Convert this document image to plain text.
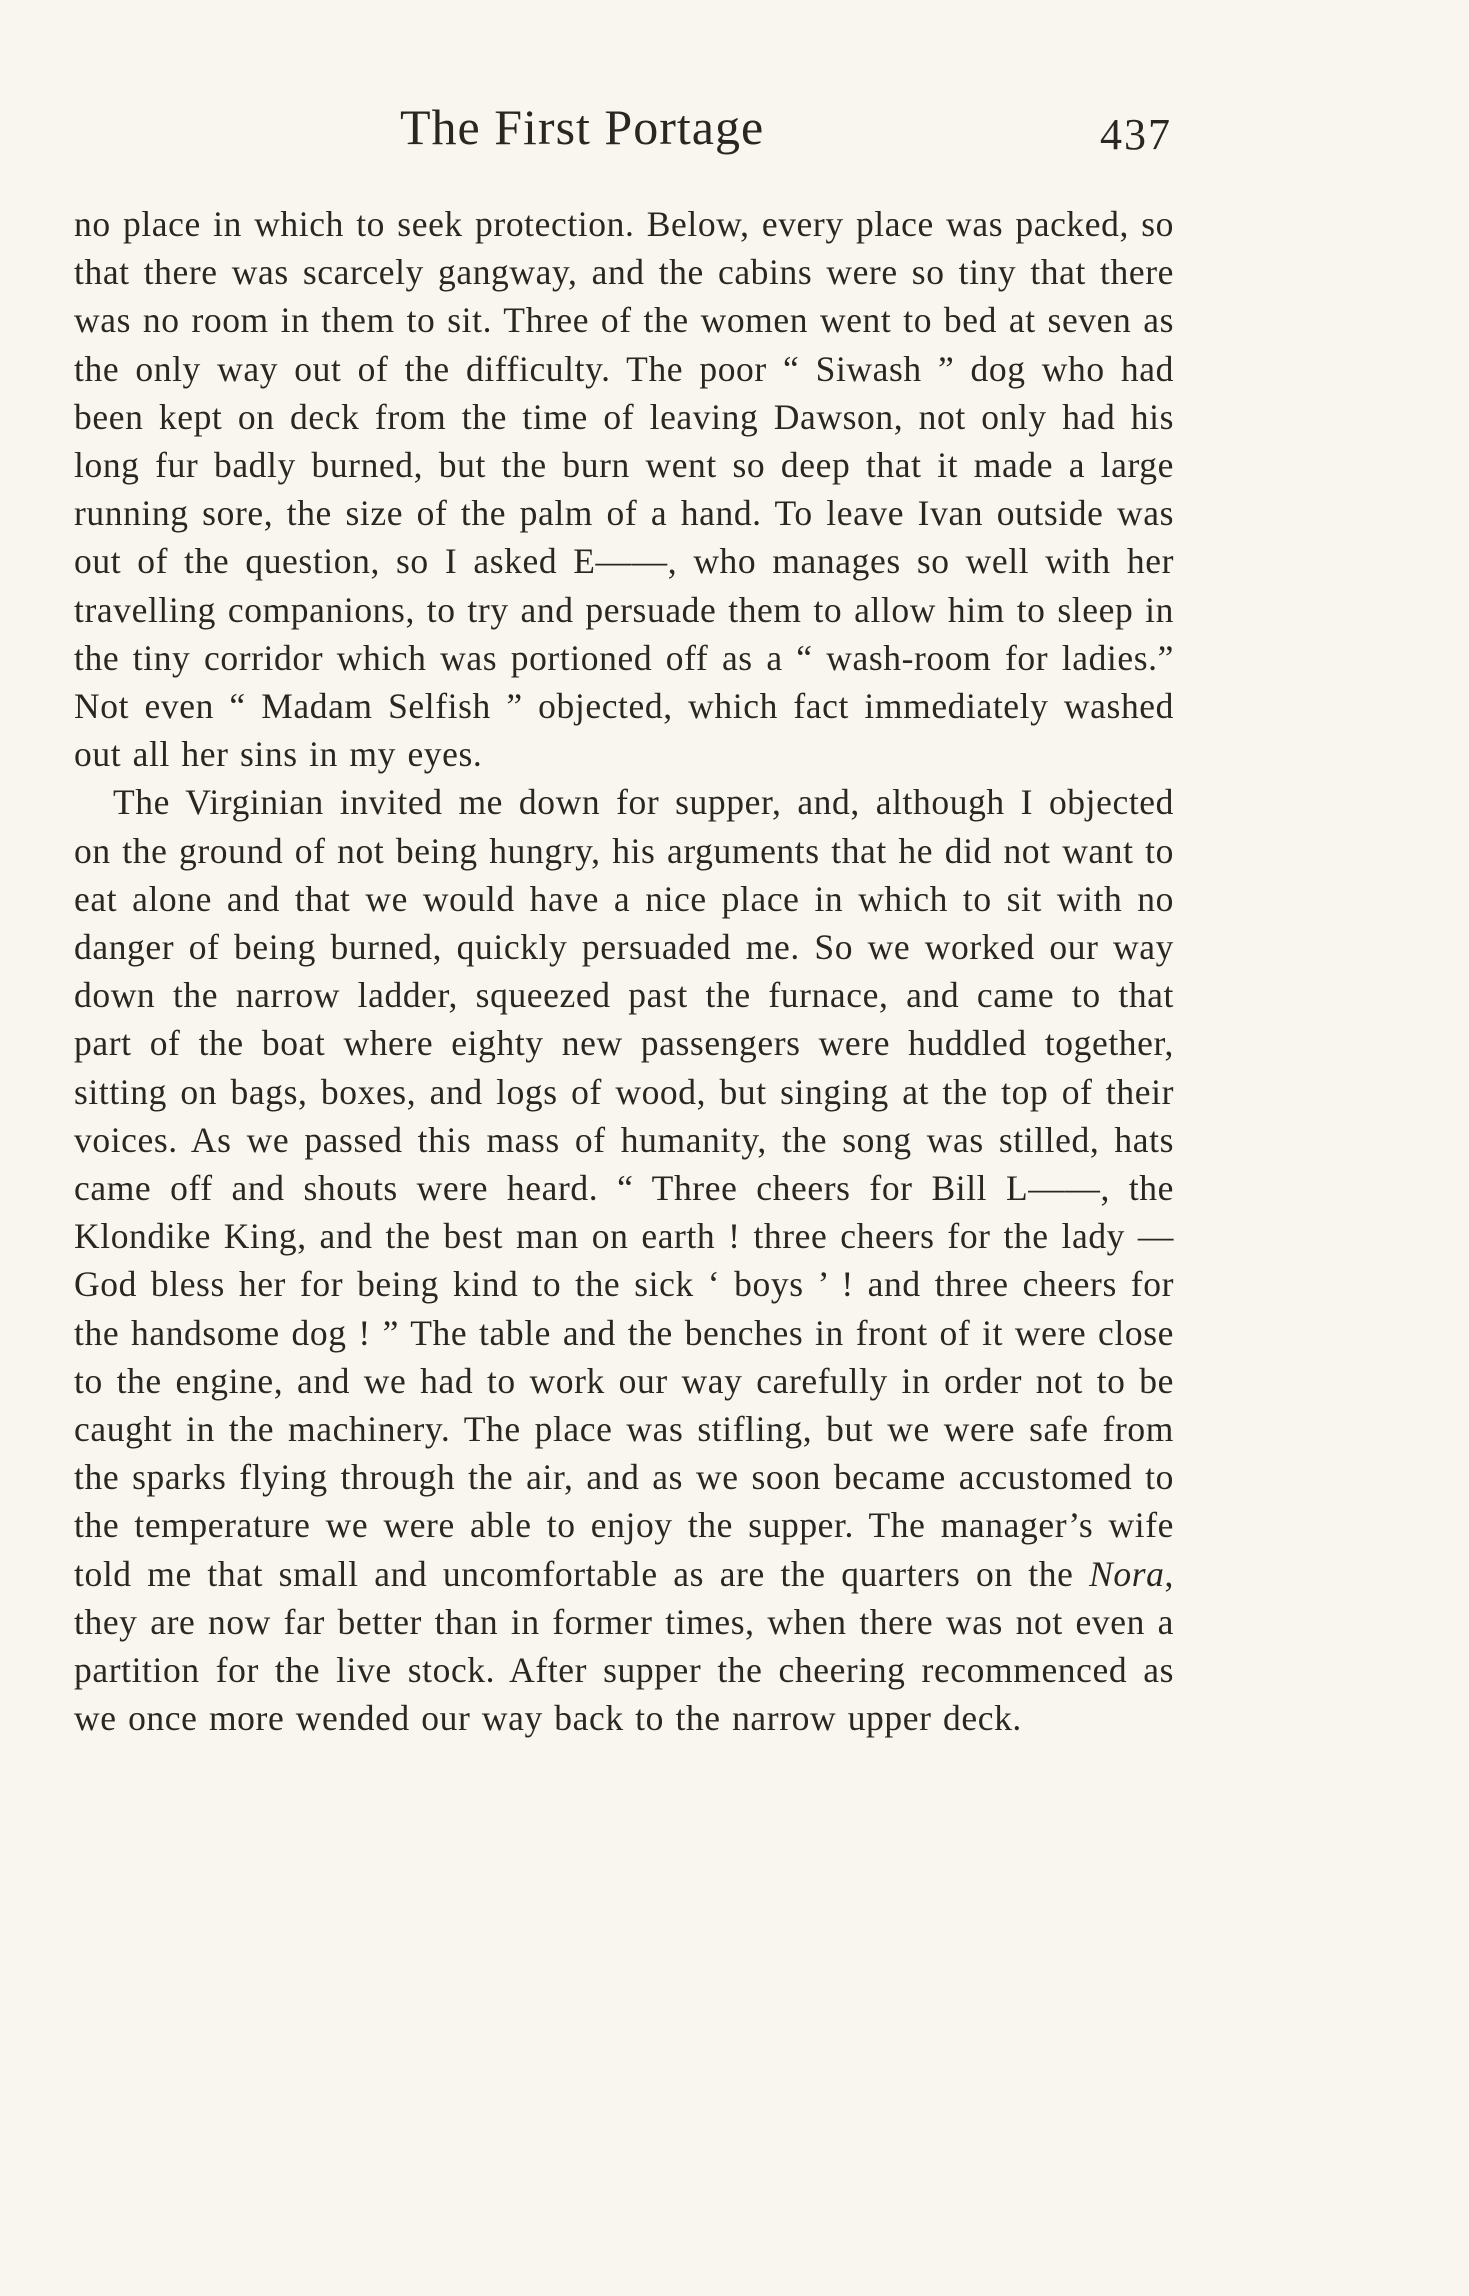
The First Portage	437

no place in which to seek protection. Below, every place was packed, so that there was scarcely gangway, and the cabins were so tiny that there was no room in them to sit. Three of the women went to bed at seven as the only way out of the difficulty. The poor “ Siwash ” dog who had been kept on deck from the time of leaving Dawson, not only had his long fur badly burned, but the burn went so deep that it made a large running sore, the size of the palm of a hand. To leave Ivan outside was out of the question, so I asked E——, who manages so well with her travelling companions, to try and persuade them to allow him to sleep in the tiny corridor which was portioned off as a “ wash-room for ladies.” Not even “ Madam Selfish ” objected, which fact immediately washed out all her sins in my eyes.

The Virginian invited me down for supper, and, although I objected on the ground of not being hungry, his arguments that he did not want to eat alone and that we would have a nice place in which to sit with no danger of being burned, quickly persuaded me. So we worked our way down the narrow ladder, squeezed past the furnace, and came to that part of the boat where eighty new passengers were huddled together, sitting on bags, boxes, and logs of wood, but singing at the top of their voices. As we passed this mass of humanity, the song was stilled, hats came off and shouts were heard. “ Three cheers for Bill L——, the Klondike King, and the best man on earth ! three cheers for the lady —God bless her for being kind to the sick ‘ boys ’ ! and three cheers for the handsome dog ! ” The table and the benches in front of it were close to the engine, and we had to work our way carefully in order not to be caught in the machinery. The place was stifling, but we were safe from the sparks flying through the air, and as we soon became accustomed to the temperature we were able to enjoy the supper. The manager’s wife told me that small and uncomfortable as are the quarters on the Nora, they are now far better than in former times, when there was not even a partition for the live stock. After supper the cheering recommenced as we once more wended our way back to the narrow upper deck.
